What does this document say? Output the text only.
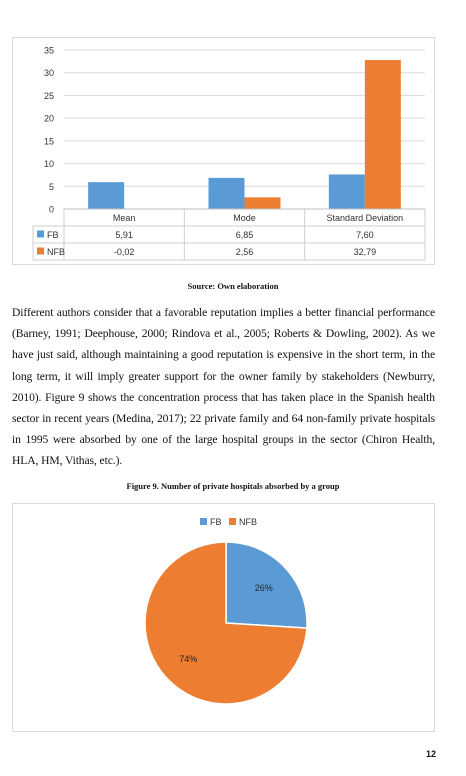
0
5
10
15
20
25
30
35
Mean	Mode	Standard Deviation
FB	5,91	6,85	7,60
NFB	-0,02	2,56	32,79
Source: Own elaboration

Different authors consider that a favorable reputation implies a better financial performance (Barney, 1991; Deephouse, 2000; Rindova et al., 2005; Roberts & Dowling, 2002). As we have just said, although maintaining a good reputation is expensive in the short term, in the long term, it will imply greater support for the owner family by stakeholders (Newburry, 2010). Figure 9 shows the concentration process that has taken place in the Spanish health sector in recent years (Medina, 2017); 22 private family and 64 non-family private hospitals in 1995 were absorbed by one of the large hospital groups in the sector (Chiron Health, HLA, HM, Vithas, etc.).

Figure 9. Number of private hospitals absorbed by a group
26%
74%
FB NFB
12
